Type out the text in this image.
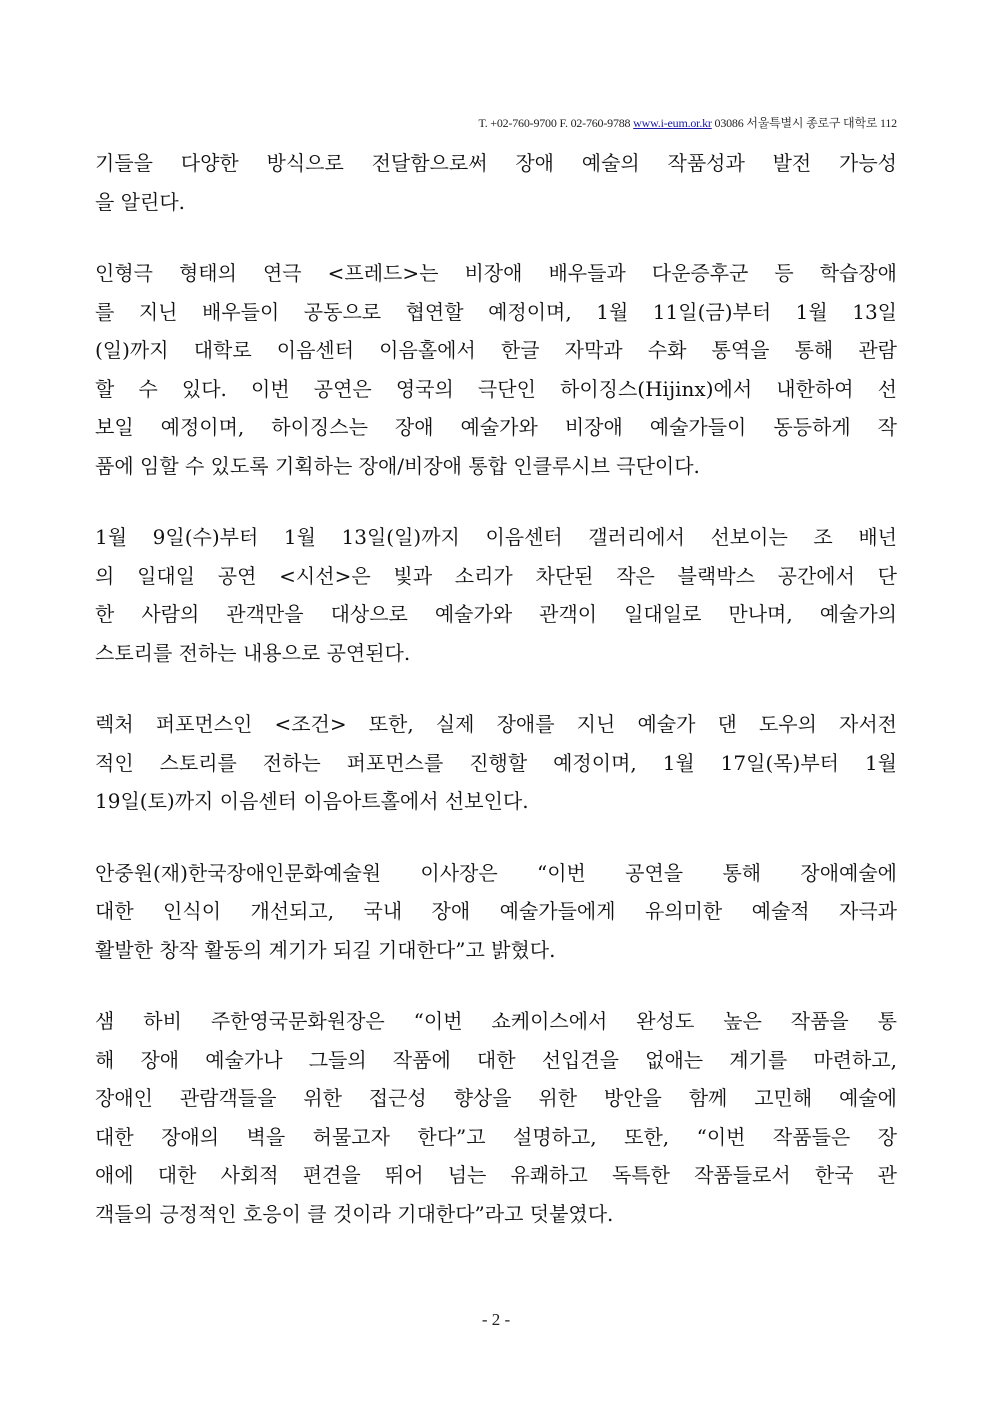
T. +02-760-9700 F. 02-760-9788 www.i-eum.or.kr 03086 서울특별시 종로구 대학로 112
기들을 다양한 방식으로 전달함으로써 장애 예술의 작품성과 발전 가능성
을 알린다.
인형극 형태의 연극 <프레드>는 비장애 배우들과 다운증후군 등 학습장애
를 지닌 배우들이 공동으로 협연할 예정이며, 1월 11일(금)부터 1월 13일
(일)까지 대학로 이음센터 이음홀에서 한글 자막과 수화 통역을 통해 관람
할 수 있다. 이번 공연은 영국의 극단인 하이징스(Hijinx)에서 내한하여 선
보일 예정이며, 하이징스는 장애 예술가와 비장애 예술가들이 동등하게 작
품에 임할 수 있도록 기획하는 장애/비장애 통합 인클루시브 극단이다.
1월 9일(수)부터 1월 13일(일)까지 이음센터 갤러리에서 선보이는 조 배넌
의 일대일 공연 <시선>은 빛과 소리가 차단된 작은 블랙박스 공간에서 단
한 사람의 관객만을 대상으로 예술가와 관객이 일대일로 만나며, 예술가의
스토리를 전하는 내용으로 공연된다.
렉처 퍼포먼스인 <조건> 또한, 실제 장애를 지닌 예술가 댄 도우의 자서전
적인 스토리를 전하는 퍼포먼스를 진행할 예정이며, 1월 17일(목)부터 1월
19일(토)까지 이음센터 이음아트홀에서 선보인다.
안중원(재)한국장애인문화예술원 이사장은 “이번 공연을 통해 장애예술에
대한 인식이 개선되고, 국내 장애 예술가들에게 유의미한 예술적 자극과
활발한 창작 활동의 계기가 되길 기대한다”고 밝혔다.
샘 하비 주한영국문화원장은 “이번 쇼케이스에서 완성도 높은 작품을 통
해 장애 예술가나 그들의 작품에 대한 선입견을 없애는 계기를 마련하고,
장애인 관람객들을 위한 접근성 향상을 위한 방안을 함께 고민해 예술에
대한 장애의 벽을 허물고자 한다”고 설명하고, 또한, “이번 작품들은 장
애에 대한 사회적 편견을 뛰어 넘는 유쾌하고 독특한 작품들로서 한국 관
객들의 긍정적인 호응이 클 것이라 기대한다”라고 덧붙였다.
- 2 -
